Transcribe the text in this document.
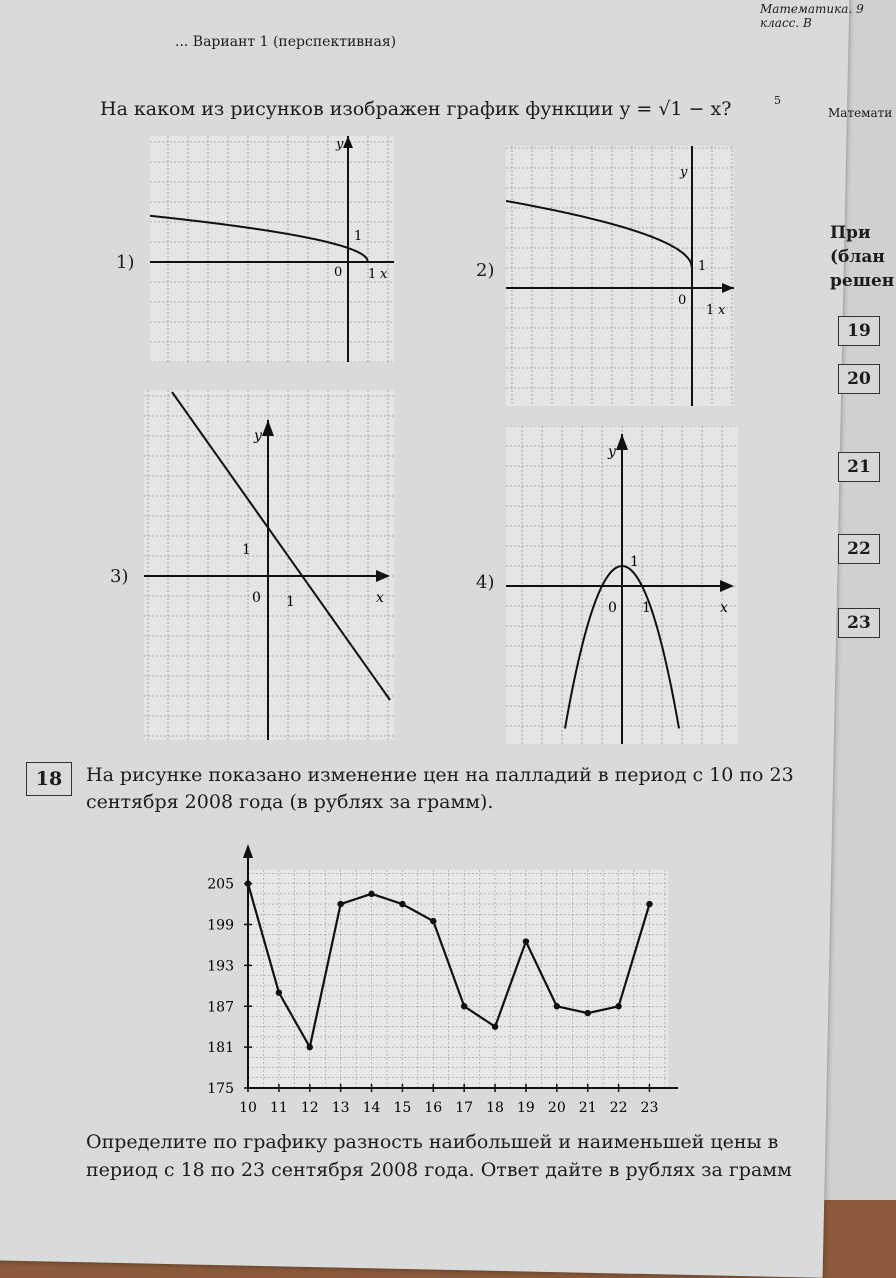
... Вариант 1 (перспективная)
Математика. 9 класс. В
5
Математи
При
(блан
решен
19
20
21
22
23
На каком из рисунков изображен график функции y = √1 − x?
1)	2)
3)	4)
y
0 1 x
1
y
0
1 x
1
y
0 1	x
1
y
0 1	x
1
18	На рисунке показано изменение цен на палладий в период с 10 по 23 сентября 2008 года (в рублях за грамм).
10 11 12 13 14 15 16 17 18 19 20 21 22 23
205
199
193
187
181
175
Определите по графику разность наибольшей и наименьшей цены в период с 18 по 23 сентября 2008 года. Ответ дайте в рублях за грамм
